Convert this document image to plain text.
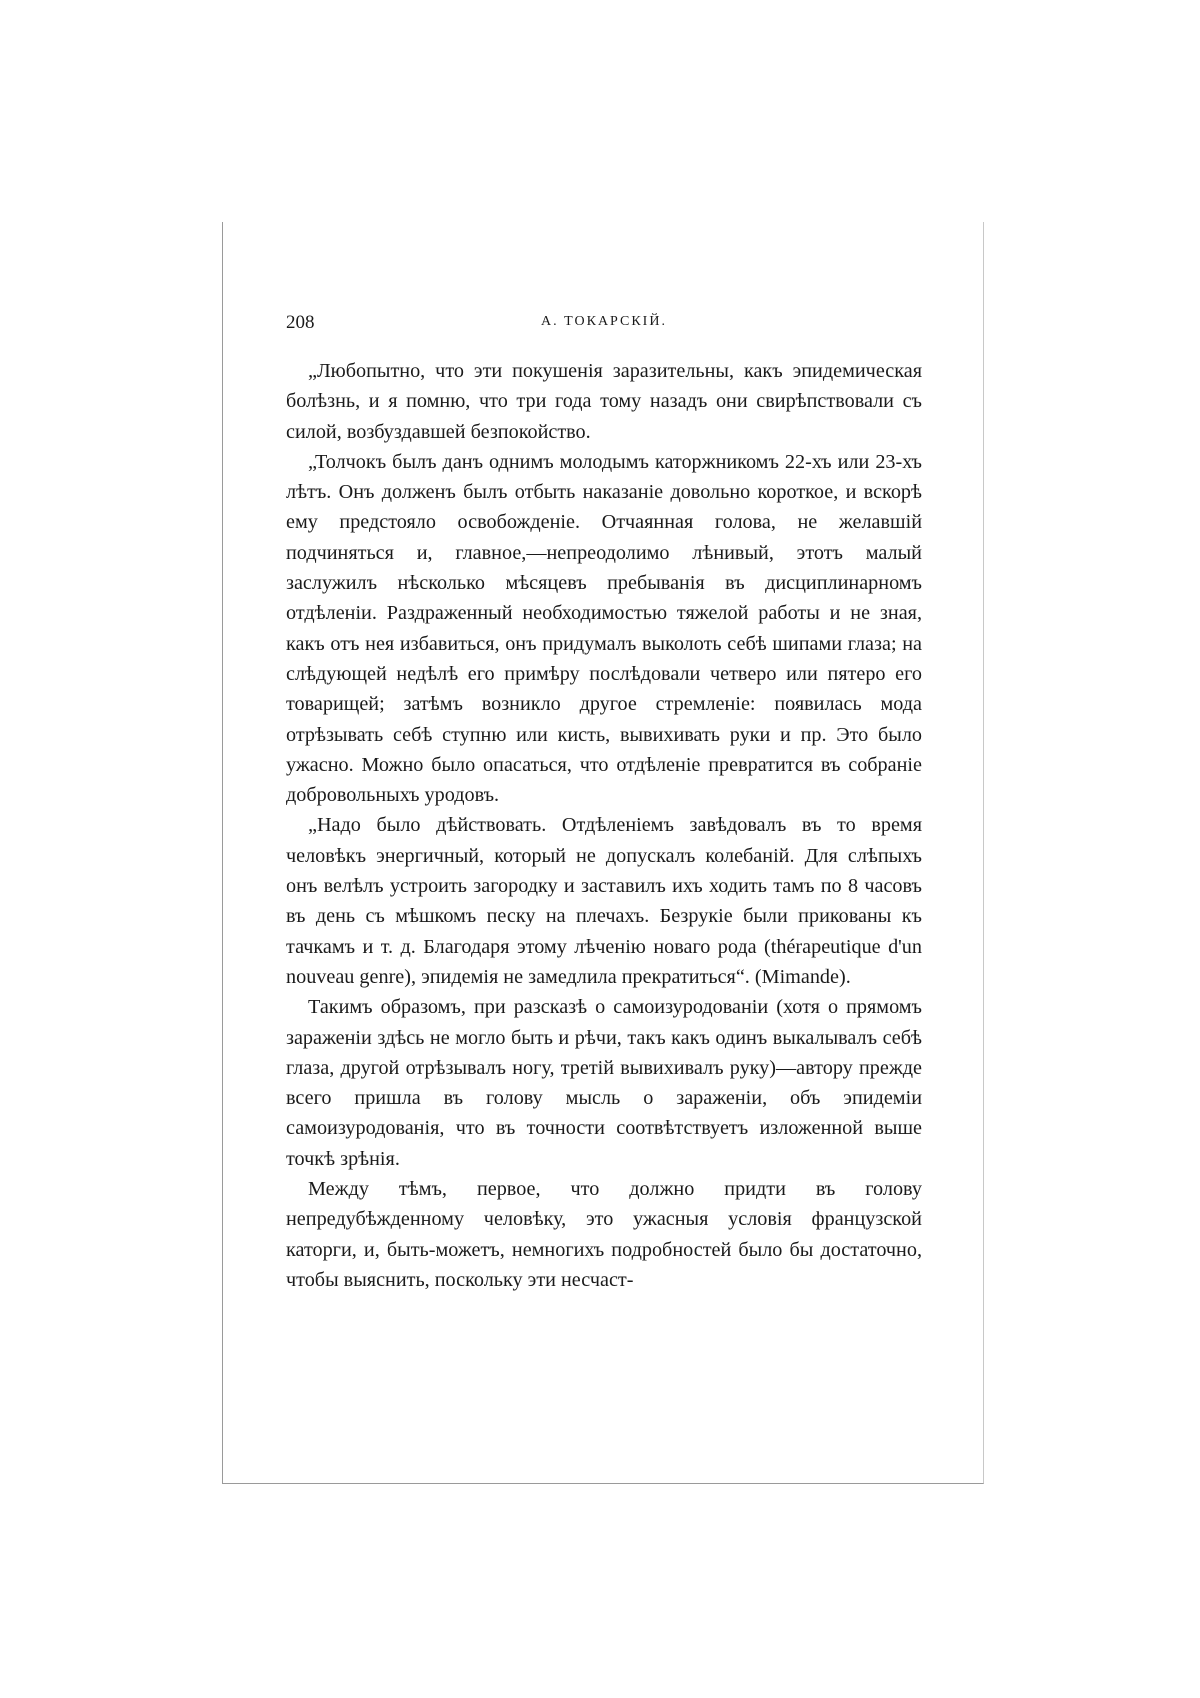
208	А. ТОКАРСКІЙ.

„Любопытно, что эти покушенія заразительны, какъ эпидемическая болѣзнь, и я помню, что три года тому назадъ они свирѣпствовали съ силой, возбуздавшей безпокойство.

„Толчокъ былъ данъ однимъ молодымъ каторжникомъ 22-хъ или 23-хъ лѣтъ. Онъ долженъ былъ отбыть наказаніе довольно короткое, и вскорѣ ему предстояло освобожденіе. Отчаянная голова, не желавшій подчиняться и, главное,—непреодолимо лѣнивый, этотъ малый заслужилъ нѣсколько мѣсяцевъ пребыванія въ дисциплинарномъ отдѣленіи. Раздраженный необходимостью тяжелой работы и не зная, какъ отъ нея избавиться, онъ придумалъ выколоть себѣ шипами глаза; на слѣдующей недѣлѣ его примѣру послѣдовали четверо или пятеро его товарищей; затѣмъ возникло другое стремленіе: появилась мода отрѣзывать себѣ ступню или кисть, вывихивать руки и пр. Это было ужасно. Можно было опасаться, что отдѣленіе превратится въ собраніе добровольныхъ уродовъ.

„Надо было дѣйствовать. Отдѣленіемъ завѣдовалъ въ то время человѣкъ энергичный, который не допускалъ колебаній. Для слѣпыхъ онъ велѣлъ устроить загородку и заставилъ ихъ ходить тамъ по 8 часовъ въ день съ мѣшкомъ песку на плечахъ. Безрукіе были прикованы къ тачкамъ и т. д. Благодаря этому лѣченію новаго рода (thérapeutique d'un nouveau genre), эпидемія не замедлила прекратиться“. (Mimande).

Такимъ образомъ, при разсказѣ о самоизуродованіи (хотя о прямомъ зараженіи здѣсь не могло быть и рѣчи, такъ какъ одинъ выкалывалъ себѣ глаза, другой отрѣзывалъ ногу, третій вывихивалъ руку)—автору прежде всего пришла въ голову мысль о зараженіи, объ эпидеміи самоизуродованія, что въ точности соотвѣтствуетъ изложенной выше точкѣ зрѣнія.

Между тѣмъ, первое, что должно придти въ голову непредубѣжденному человѣку, это ужасныя условія французской каторги, и, быть-можетъ, немногихъ подробностей было бы достаточно, чтобы выяснить, поскольку эти несчаст-
